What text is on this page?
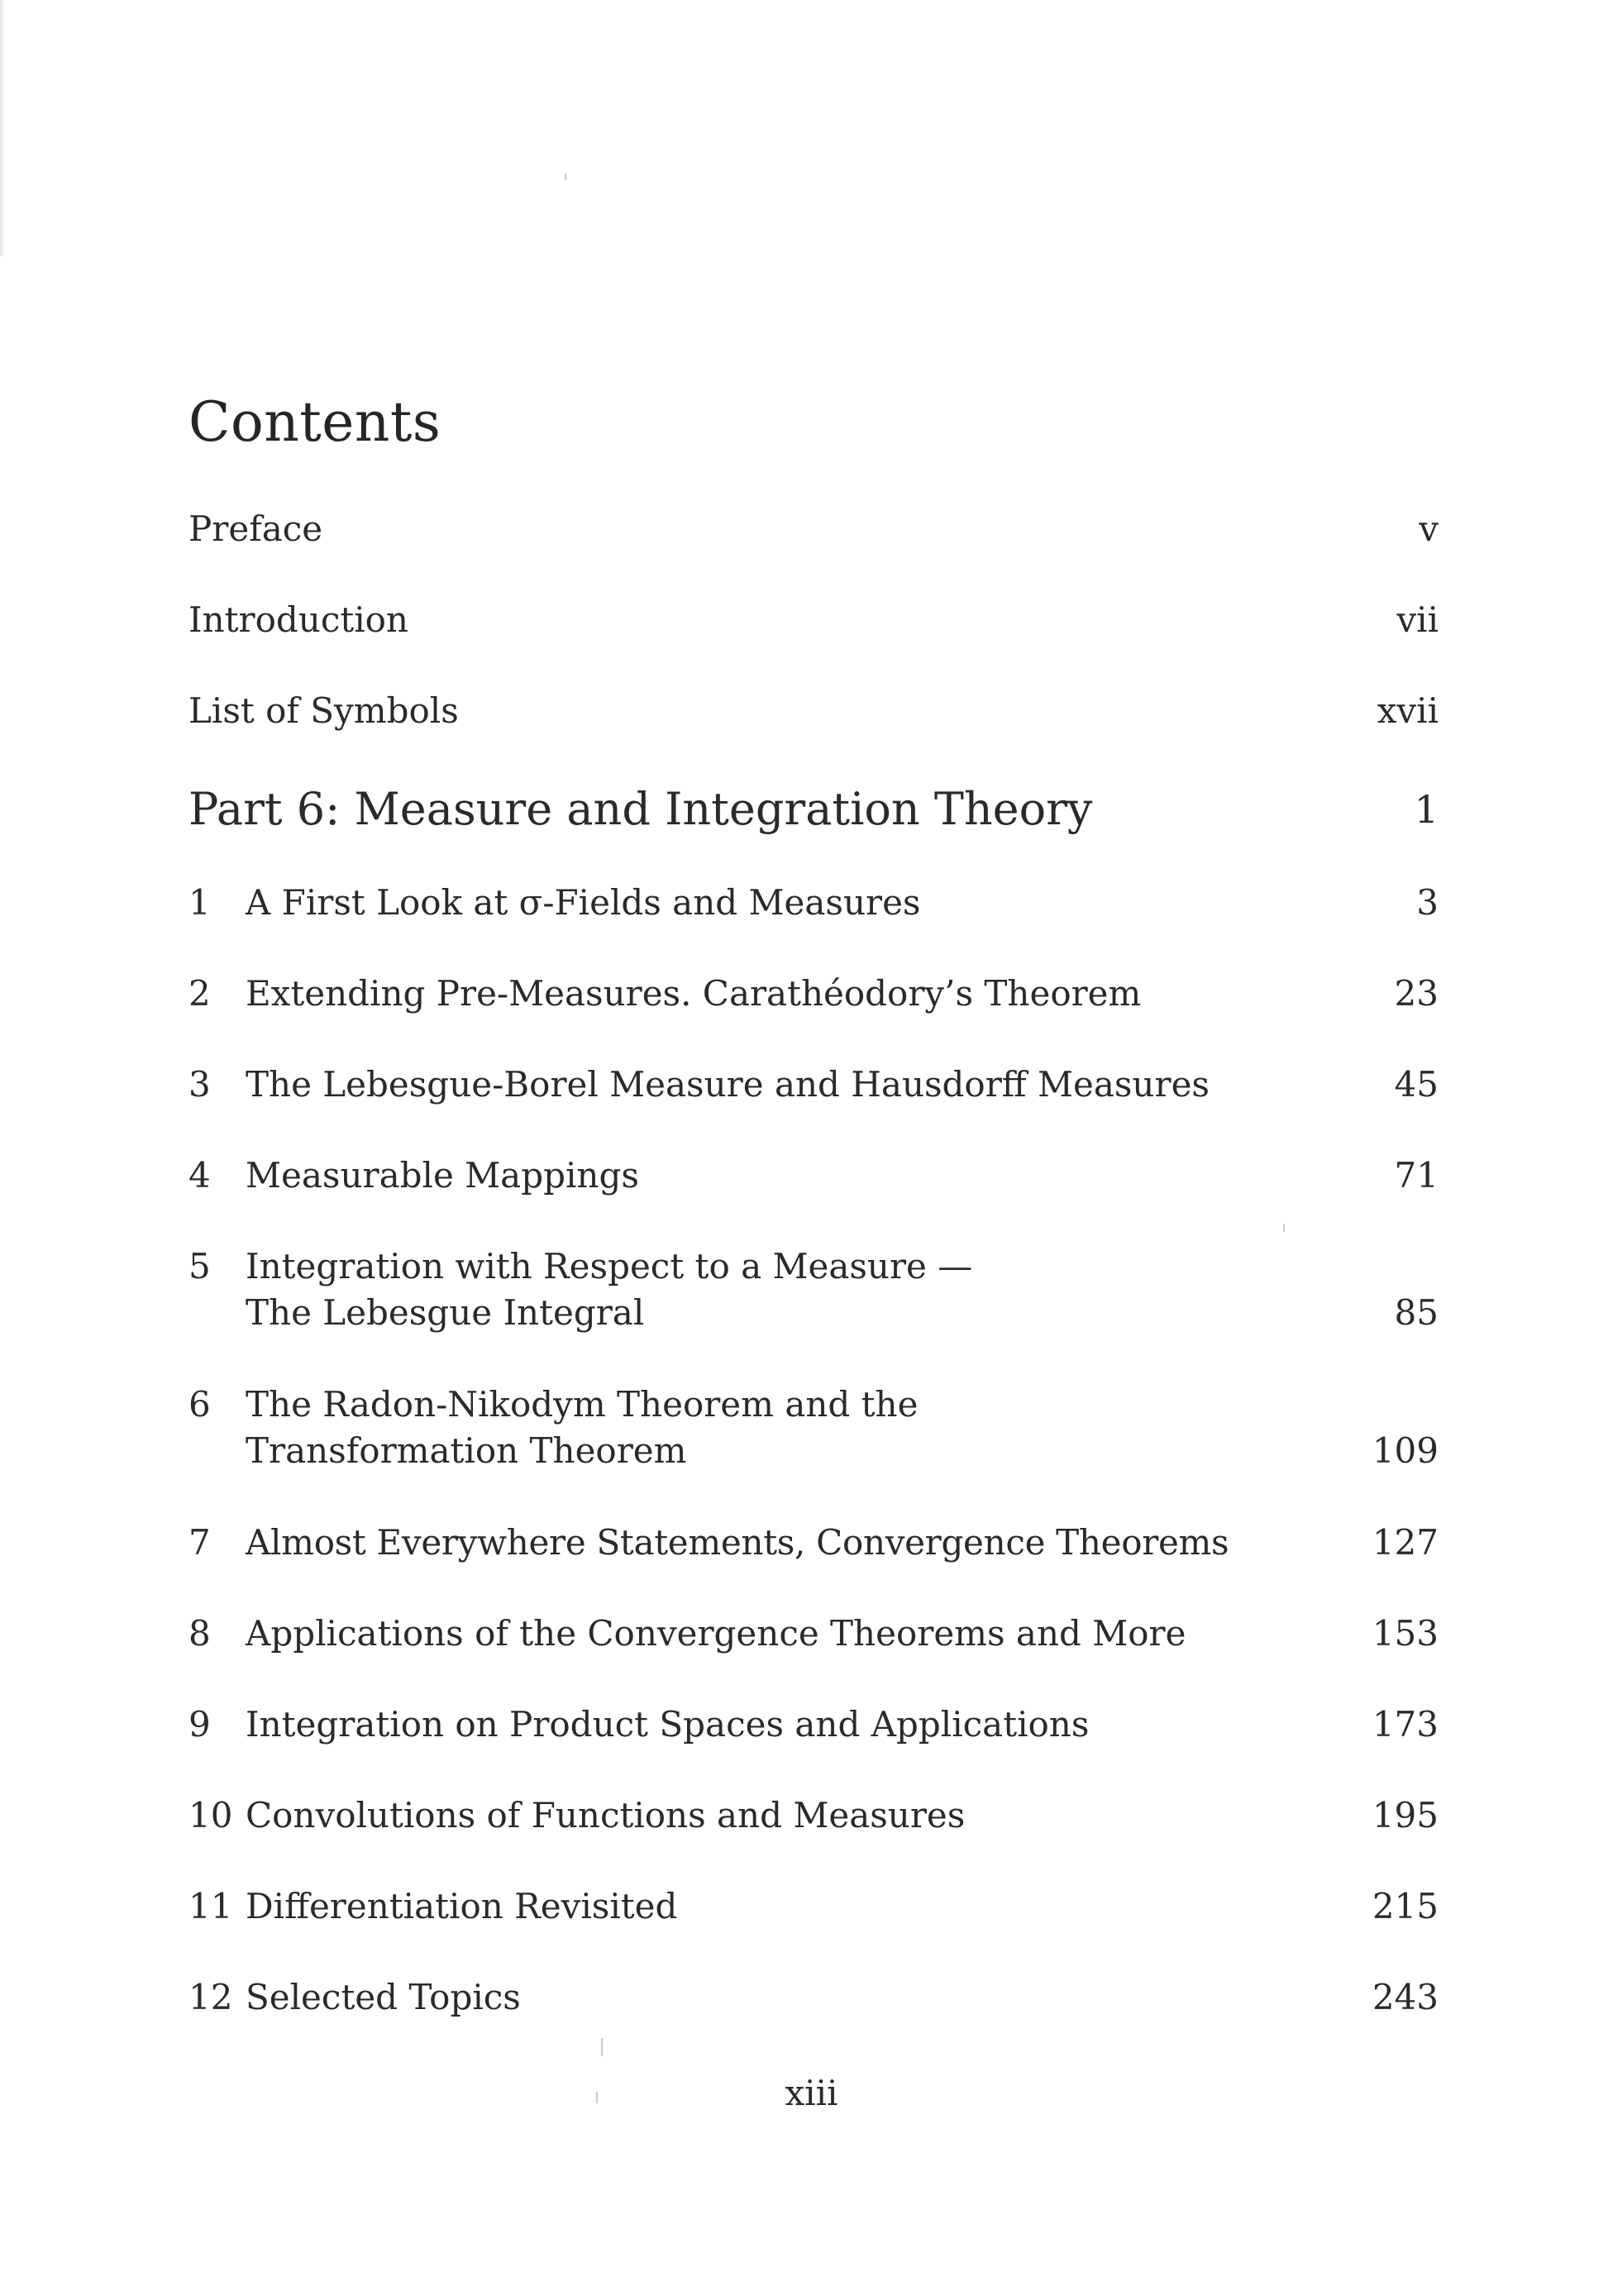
Contents
Preface	v
Introduction	vii
List of Symbols	xvii
Part 6: Measure and Integration Theory	1
1 A First Look at σ-Fields and Measures	3
2 Extending Pre-Measures. Carathéodory’s Theorem	23
3 The Lebesgue-Borel Measure and Hausdorff Measures	45
4 Measurable Mappings	71
5 Integration with Respect to a Measure —
The Lebesgue Integral	85
6 The Radon-Nikodym Theorem and the
Transformation Theorem	109
7 Almost Everywhere Statements, Convergence Theorems	127
8 Applications of the Convergence Theorems and More	153
9 Integration on Product Spaces and Applications	173
10 Convolutions of Functions and Measures	195
11 Differentiation Revisited	215
12 Selected Topics	243
xiii
